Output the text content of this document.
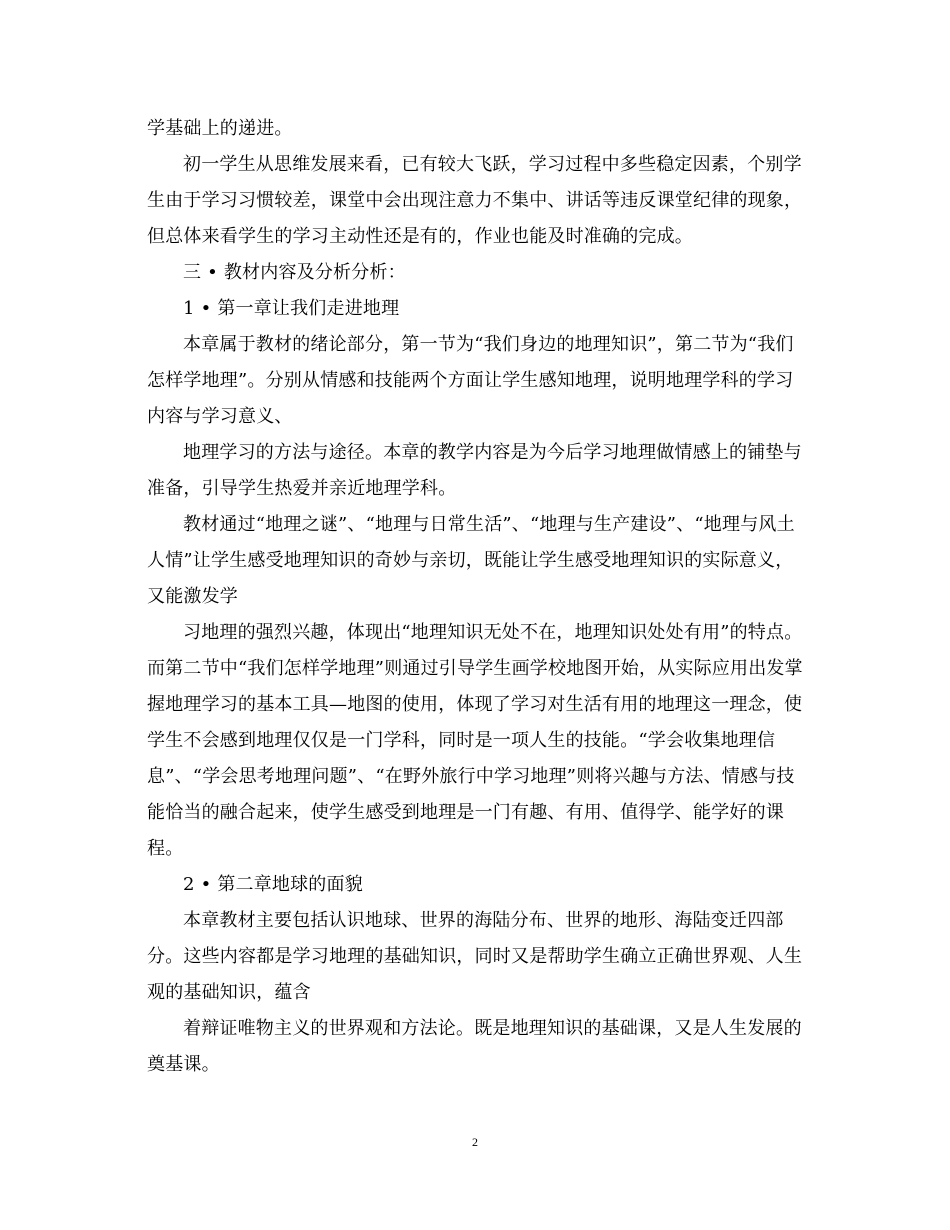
学基础上的递进。

初一学生从思维发展来看，已有较大飞跃，学习过程中多些稳定因素，个别学生由于学习习惯较差，课堂中会出现注意力不集中、讲话等违反课堂纪律的现象，但总体来看学生的学习主动性还是有的，作业也能及时准确的完成。

三 • 教材内容及分析分析：

1 • 第一章让我们走进地理

本章属于教材的绪论部分，第一节为“我们身边的地理知识”，第二节为“我们怎样学地理”。分别从情感和技能两个方面让学生感知地理，说明地理学科的学习内容与学习意义、

地理学习的方法与途径。本章的教学内容是为今后学习地理做情感上的铺垫与准备，引导学生热爱并亲近地理学科。

教材通过“地理之谜”、“地理与日常生活”、“地理与生产建设”、“地理与风土人情”让学生感受地理知识的奇妙与亲切，既能让学生感受地理知识的实际意义，又能激发学

习地理的强烈兴趣，体现出“地理知识无处不在，地理知识处处有用”的特点。而第二节中“我们怎样学地理”则通过引导学生画学校地图开始，从实际应用出发掌握地理学习的基本工具—地图的使用，体现了学习对生活有用的地理这一理念，使学生不会感到地理仅仅是一门学科，同时是一项人生的技能。“学会收集地理信息”、“学会思考地理问题”、“在野外旅行中学习地理”则将兴趣与方法、情感与技能恰当的融合起来，使学生感受到地理是一门有趣、有用、值得学、能学好的课程。

2 • 第二章地球的面貌

本章教材主要包括认识地球、世界的海陆分布、世界的地形、海陆变迁四部分。这些内容都是学习地理的基础知识，同时又是帮助学生确立正确世界观、人生观的基础知识，蕴含

着辩证唯物主义的世界观和方法论。既是地理知识的基础课，又是人生发展的奠基课。

2
